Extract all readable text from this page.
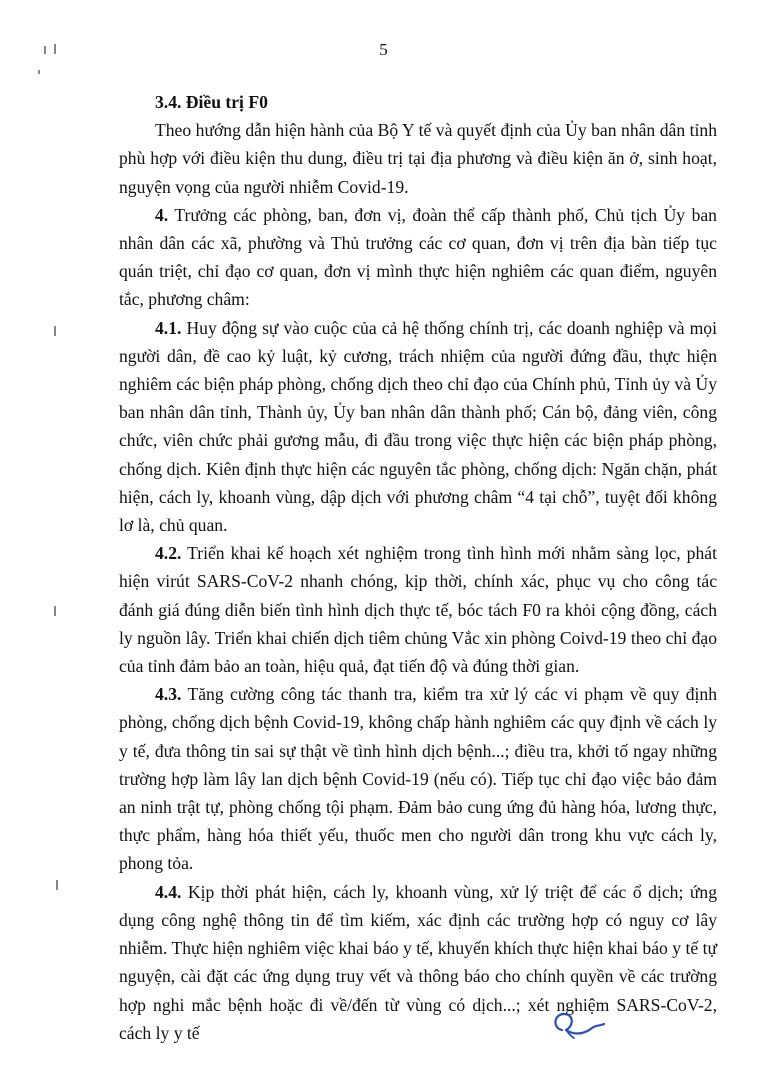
5

3.4. Điều trị F0

Theo hướng dẫn hiện hành của Bộ Y tế và quyết định của Ủy ban nhân dân tỉnh phù hợp với điều kiện thu dung, điều trị tại địa phương và điều kiện ăn ở, sinh hoạt, nguyện vọng của người nhiễm Covid-19.

4. Trưởng các phòng, ban, đơn vị, đoàn thể cấp thành phố, Chủ tịch Ủy ban nhân dân các xã, phường và Thủ trưởng các cơ quan, đơn vị trên địa bàn tiếp tục quán triệt, chỉ đạo cơ quan, đơn vị mình thực hiện nghiêm các quan điểm, nguyên tắc, phương châm:

4.1. Huy động sự vào cuộc của cả hệ thống chính trị, các doanh nghiệp và mọi người dân, đề cao kỷ luật, kỷ cương, trách nhiệm của người đứng đầu, thực hiện nghiêm các biện pháp phòng, chống dịch theo chỉ đạo của Chính phủ, Tỉnh ủy và Ủy ban nhân dân tỉnh, Thành ủy, Ủy ban nhân dân thành phố; Cán bộ, đảng viên, công chức, viên chức phải gương mẫu, đi đầu trong việc thực hiện các biện pháp phòng, chống dịch. Kiên định thực hiện các nguyên tắc phòng, chống dịch: Ngăn chặn, phát hiện, cách ly, khoanh vùng, dập dịch với phương châm “4 tại chỗ”, tuyệt đối không lơ là, chủ quan.

4.2. Triển khai kế hoạch xét nghiệm trong tình hình mới nhằm sàng lọc, phát hiện virút SARS-CoV-2 nhanh chóng, kịp thời, chính xác, phục vụ cho công tác đánh giá đúng diễn biến tình hình dịch thực tế, bóc tách F0 ra khỏi cộng đồng, cách ly nguồn lây. Triển khai chiến dịch tiêm chủng Vắc xin phòng Coivd-19 theo chỉ đạo của tỉnh đảm bảo an toàn, hiệu quả, đạt tiến độ và đúng thời gian.

4.3. Tăng cường công tác thanh tra, kiểm tra xử lý các vi phạm về quy định phòng, chống dịch bệnh Covid-19, không chấp hành nghiêm các quy định về cách ly y tế, đưa thông tin sai sự thật về tình hình dịch bệnh...; điều tra, khởi tố ngay những trường hợp làm lây lan dịch bệnh Covid-19 (nếu có). Tiếp tục chỉ đạo việc bảo đảm an ninh trật tự, phòng chống tội phạm. Đảm bảo cung ứng đủ hàng hóa, lương thực, thực phẩm, hàng hóa thiết yếu, thuốc men cho người dân trong khu vực cách ly, phong tỏa.

4.4. Kịp thời phát hiện, cách ly, khoanh vùng, xử lý triệt để các ổ dịch; ứng dụng công nghệ thông tin để tìm kiếm, xác định các trường hợp có nguy cơ lây nhiễm. Thực hiện nghiêm việc khai báo y tế, khuyến khích thực hiện khai báo y tế tự nguyện, cài đặt các ứng dụng truy vết và thông báo cho chính quyền về các trường hợp nghi mắc bệnh hoặc đi về/đến từ vùng có dịch...; xét nghiệm SARS-CoV-2, cách ly y tế
